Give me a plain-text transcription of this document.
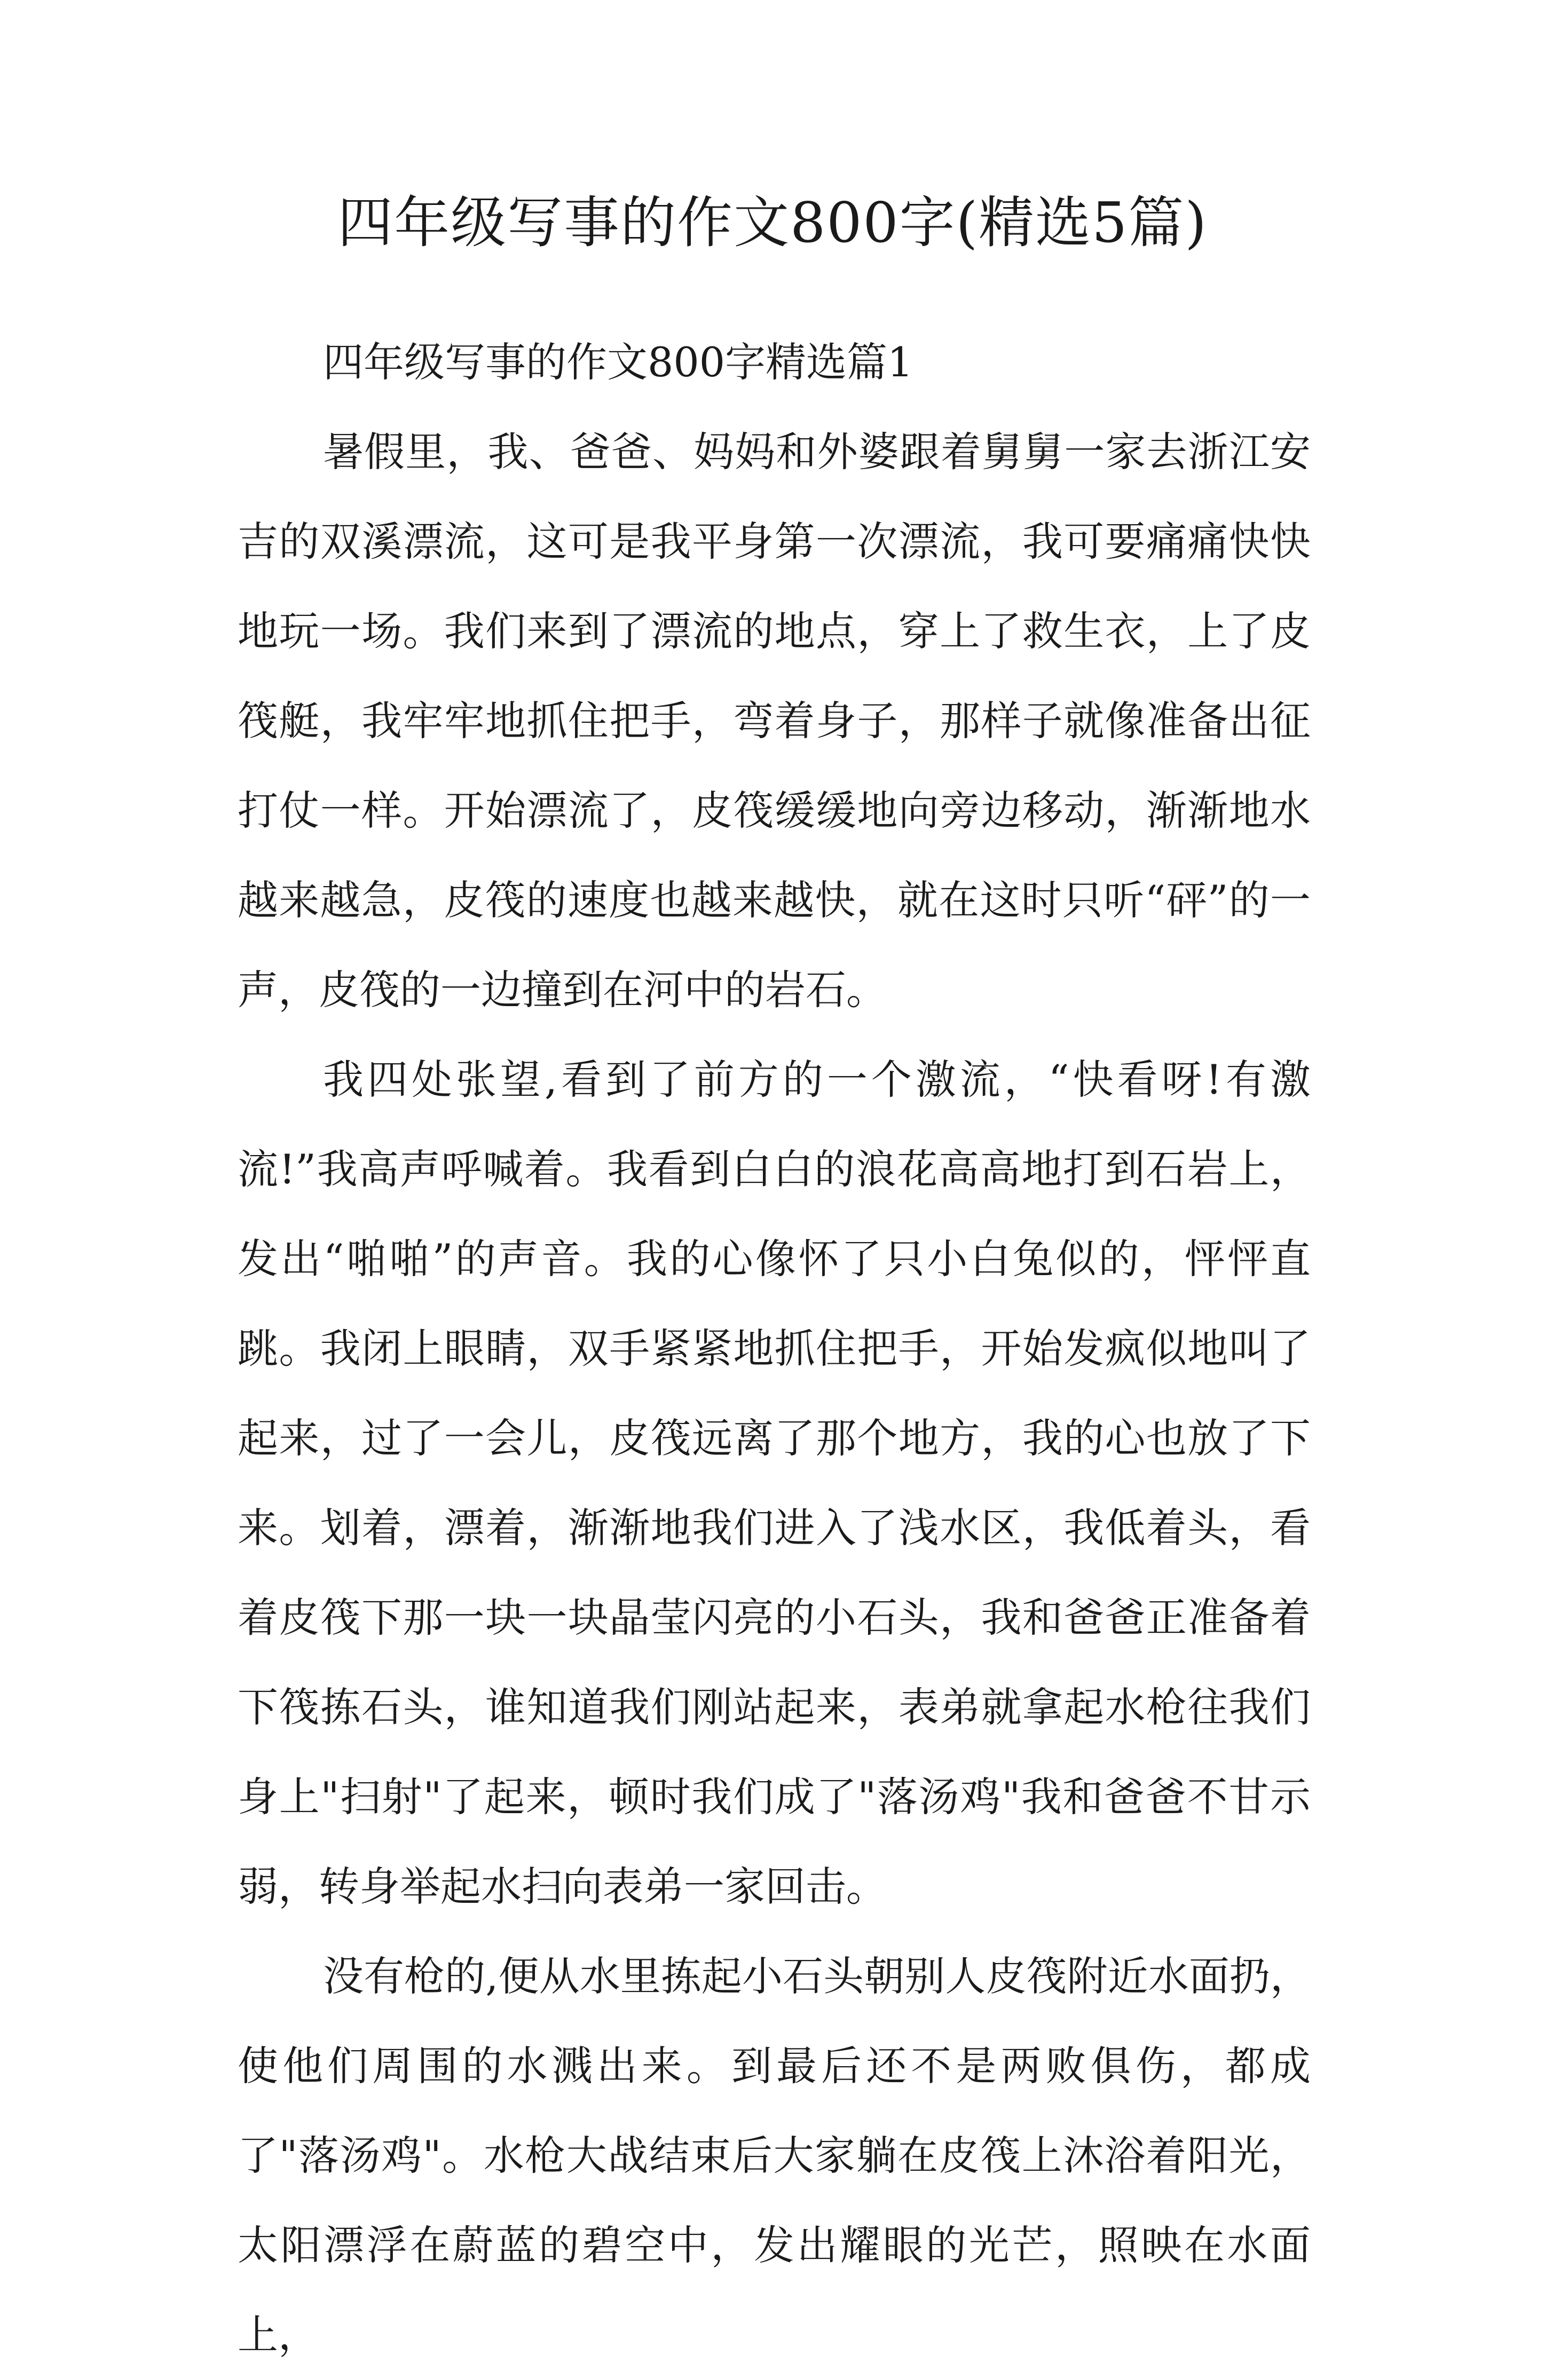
四年级写事的作文800字(精选5篇)

四年级写事的作文800字精选篇1

暑假里，我、爸爸、妈妈和外婆跟着舅舅一家去浙江安吉的双溪漂流，这可是我平身第一次漂流，我可要痛痛快快地玩一场。我们来到了漂流的地点，穿上了救生衣，上了皮筏艇，我牢牢地抓住把手，弯着身子，那样子就像准备出征打仗一样。开始漂流了，皮筏缓缓地向旁边移动，渐渐地水越来越急，皮筏的速度也越来越快，就在这时只听“砰”的一声，皮筏的一边撞到在河中的岩石。

我四处张望,看到了前方的一个激流，“快看呀!有激流!”我高声呼喊着。我看到白白的浪花高高地打到石岩上，发出“啪啪”的声音。我的心像怀了只小白兔似的，怦怦直跳。我闭上眼睛，双手紧紧地抓住把手，开始发疯似地叫了起来，过了一会儿，皮筏远离了那个地方，我的心也放了下来。划着，漂着，渐渐地我们进入了浅水区，我低着头，看着皮筏下那一块一块晶莹闪亮的小石头，我和爸爸正准备着下筏拣石头，谁知道我们刚站起来，表弟就拿起水枪往我们身上"扫射"了起来，顿时我们成了"落汤鸡"我和爸爸不甘示弱，转身举起水扫向表弟一家回击。

没有枪的,便从水里拣起小石头朝别人皮筏附近水面扔，使他们周围的水溅出来。到最后还不是两败俱伤，都成了"落汤鸡"。水枪大战结束后大家躺在皮筏上沐浴着阳光，太阳漂浮在蔚蓝的碧空中，发出耀眼的光芒，照映在水面上，
